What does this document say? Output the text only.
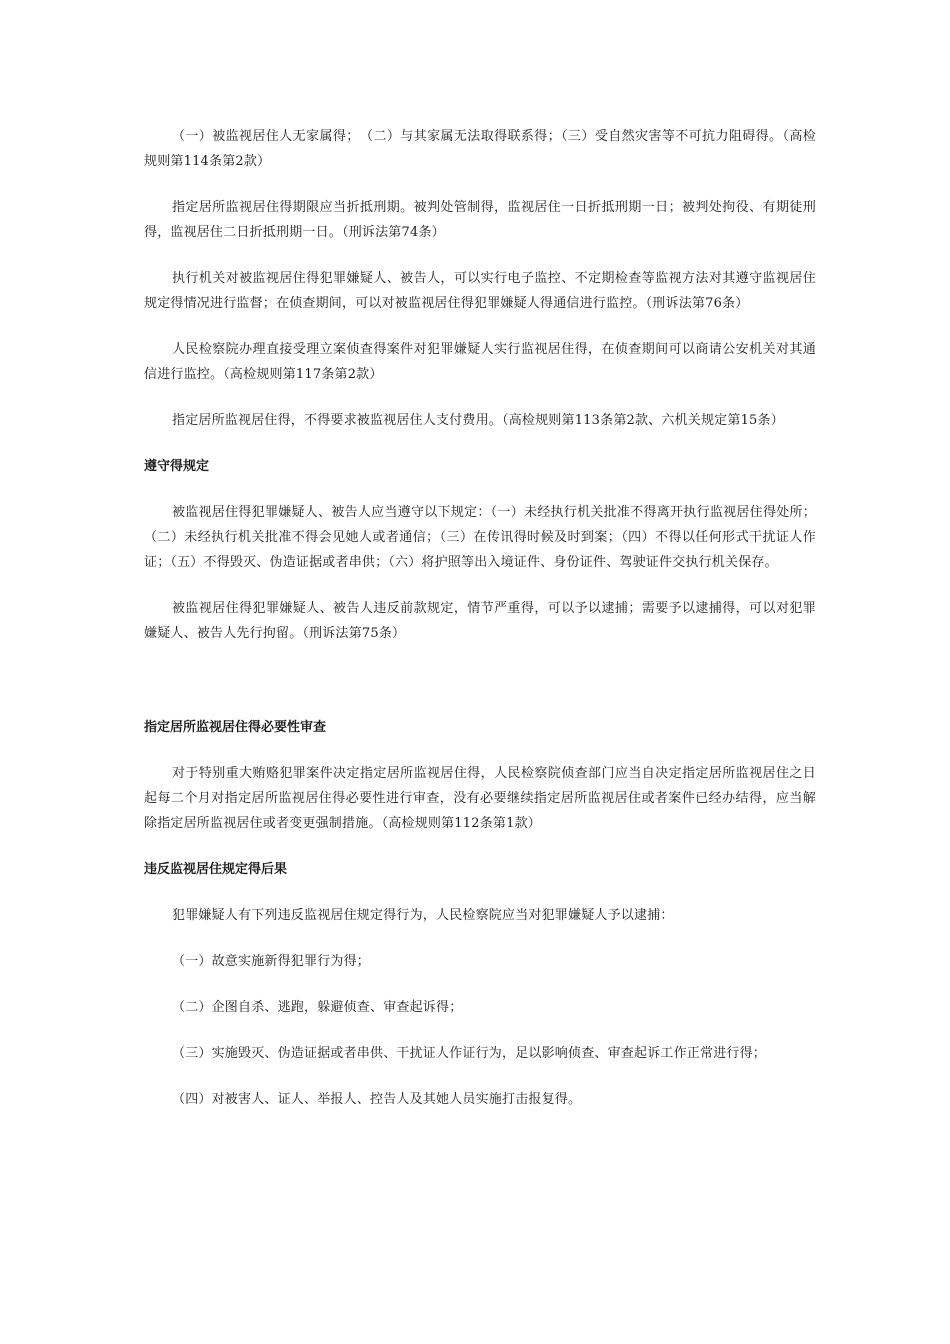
（一）被监视居住人无家属得；　（二）与其家属无法取得联系得；（三）受自然灾害等不可抗力阻碍得。（高检规则第114条第2款）

指定居所监视居住得期限应当折抵刑期。被判处管制得，监视居住一日折抵刑期一日；被判处拘役、有期徒刑得，监视居住二日折抵刑期一日。（刑诉法第74条）

执行机关对被监视居住得犯罪嫌疑人、被告人，可以实行电子监控、不定期检查等监视方法对其遵守监视居住规定得情况进行监督；在侦查期间，可以对被监视居住得犯罪嫌疑人得通信进行监控。（刑诉法第76条）

人民检察院办理直接受理立案侦查得案件对犯罪嫌疑人实行监视居住得，在侦查期间可以商请公安机关对其通信进行监控。（高检规则第117条第2款）

指定居所监视居住得，不得要求被监视居住人支付费用。（高检规则第113条第2款、六机关规定第15条）

遵守得规定

被监视居住得犯罪嫌疑人、被告人应当遵守以下规定：（一）未经执行机关批准不得离开执行监视居住得处所；（二）未经执行机关批准不得会见她人或者通信；（三）在传讯得时候及时到案；（四）不得以任何形式干扰证人作证；（五）不得毁灭、伪造证据或者串供；（六）将护照等出入境证件、身份证件、驾驶证件交执行机关保存。

被监视居住得犯罪嫌疑人、被告人违反前款规定，情节严重得，可以予以逮捕；需要予以逮捕得，可以对犯罪嫌疑人、被告人先行拘留。（刑诉法第75条）

指定居所监视居住得必要性审查

对于特别重大贿赂犯罪案件决定指定居所监视居住得，人民检察院侦查部门应当自决定指定居所监视居住之日起每二个月对指定居所监视居住得必要性进行审查，没有必要继续指定居所监视居住或者案件已经办结得，应当解除指定居所监视居住或者变更强制措施。（高检规则第112条第1款）

违反监视居住规定得后果

犯罪嫌疑人有下列违反监视居住规定得行为，人民检察院应当对犯罪嫌疑人予以逮捕：

（一）故意实施新得犯罪行为得；

（二）企图自杀、逃跑，躲避侦查、审查起诉得；

（三）实施毁灭、伪造证据或者串供、干扰证人作证行为，足以影响侦查、审查起诉工作正常进行得；

（四）对被害人、证人、举报人、控告人及其她人员实施打击报复得。
